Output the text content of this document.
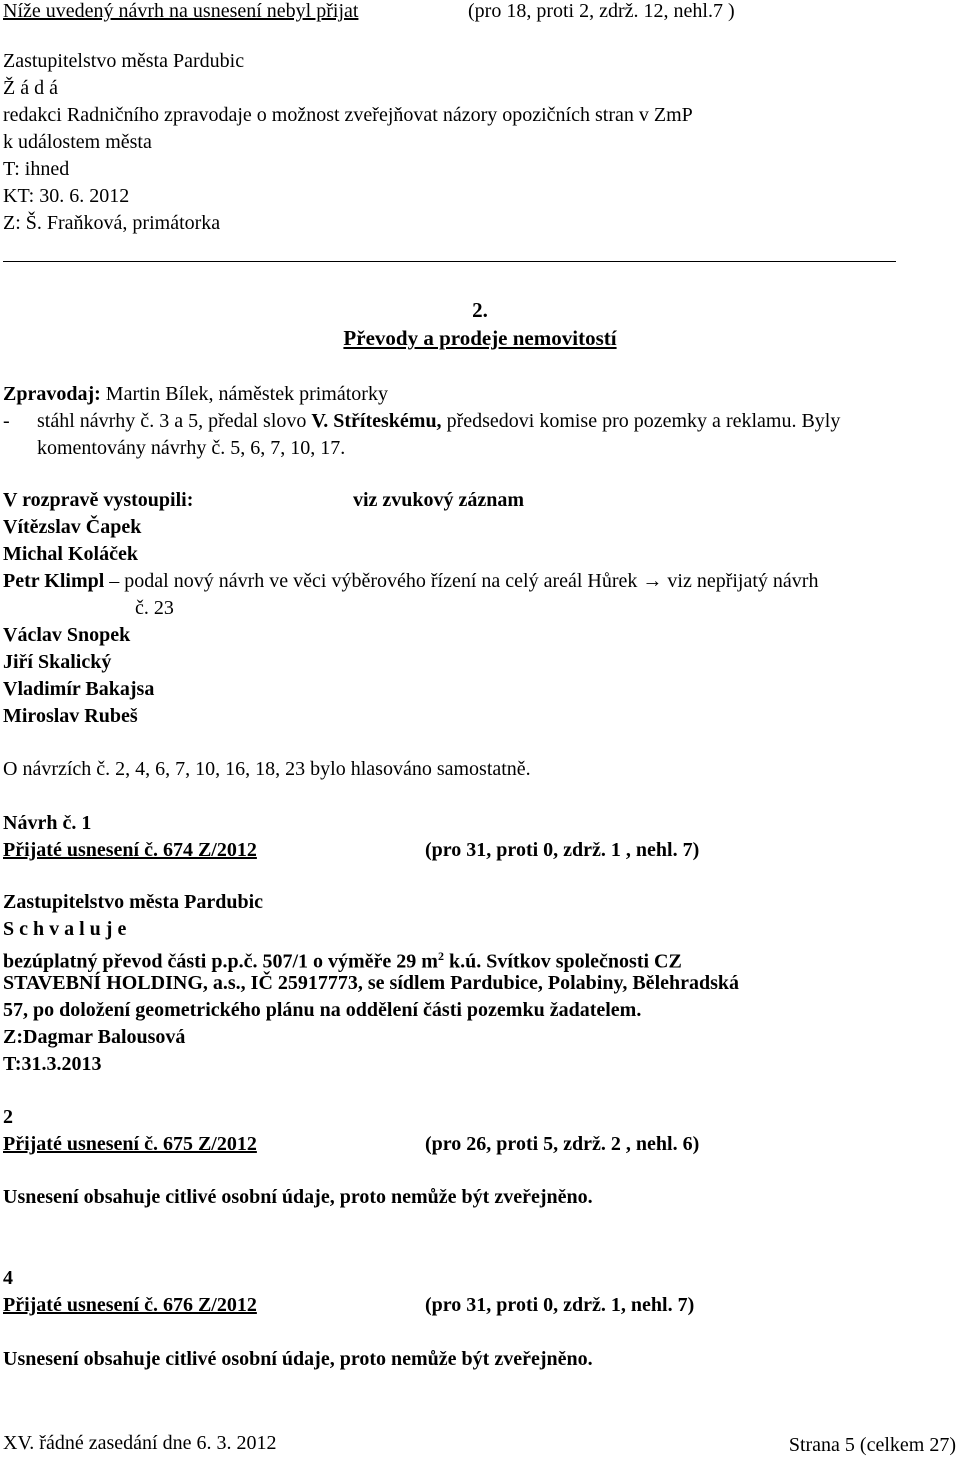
Níže uvedený návrh na usnesení nebyl přijat	(pro 18, proti 2, zdrž. 12, nehl.7 )
Zastupitelstvo města Pardubic
Ž á d á
redakci Radničního zpravodaje o možnost zveřejňovat názory opozičních stran v ZmP
k událostem města
T: ihned
KT: 30. 6. 2012
Z: Š. Fraňková, primátorka
2.
Převody a prodeje nemovitostí
Zpravodaj: Martin Bílek, náměstek primátorky
- stáhl návrhy č. 3 a 5, předal slovo V. Stříteskému, předsedovi komise pro pozemky a reklamu. Byly
komentovány návrhy č. 5, 6, 7, 10, 17.
V rozpravě vystoupili:	viz zvukový záznam
Vítězslav Čapek
Michal Koláček
Petr Klimpl – podal nový návrh ve věci výběrového řízení na celý areál Hůrek → viz nepřijatý návrh
č. 23
Václav Snopek
Jiří Skalický
Vladimír Bakajsa
Miroslav Rubeš
O návrzích č. 2, 4, 6, 7, 10, 16, 18, 23 bylo hlasováno samostatně.
Návrh č. 1
Přijaté usnesení č. 674 Z/2012	(pro 31, proti 0, zdrž. 1 , nehl. 7)
Zastupitelstvo města Pardubic
S c h v a l u j e
bezúplatný převod části p.p.č. 507/1 o výměře 29 $m^2$ k.ú. Svítkov společnosti CZ
STAVEBNÍ HOLDING, a.s., IČ 25917773, se sídlem Pardubice, Polabiny, Bělehradská
57, po doložení geometrického plánu na oddělení části pozemku žadatelem.
Z:Dagmar Balousová
T:31.3.2013
2
Přijaté usnesení č. 675 Z/2012	(pro 26, proti 5, zdrž. 2 , nehl. 6)
Usnesení obsahuje citlivé osobní údaje, proto nemůže být zveřejněno.
4
Přijaté usnesení č. 676 Z/2012	(pro 31, proti 0, zdrž. 1, nehl. 7)
Usnesení obsahuje citlivé osobní údaje, proto nemůže být zveřejněno.
XV. řádné zasedání dne 6. 3. 2012	Strana 5 (celkem 27)
